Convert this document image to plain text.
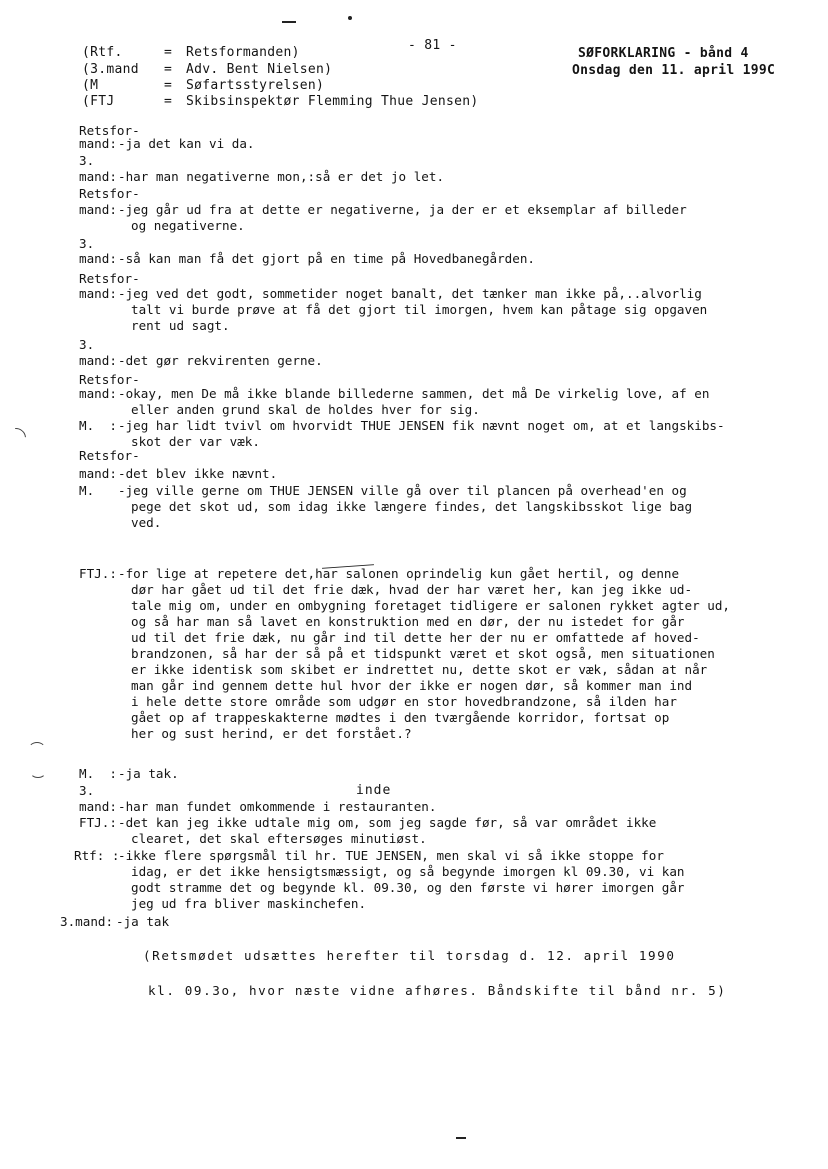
(Rtf.	= Retsformanden)
(3.mand = Adv. Bent Nielsen)
(M	= Søfartsstyrelsen)
(FTJ	= Skibsinspektør Flemming Thue Jensen)
- 81 -
SØFORKLARING - bånd 4
Onsdag den 11. april 199C
Retsfor-
mand: -ja det kan vi da.
3.
mand: -har man negativerne mon,:så er det jo let.
Retsfor-
mand: -jeg går ud fra at dette er negativerne, ja der er et eksemplar af billeder
og negativerne.
3.
mand: -så kan man få det gjort på en time på Hovedbanegården.
Retsfor-
mand: -jeg ved det godt, sommetider noget banalt, det tænker man ikke på,..alvorlig
talt vi burde prøve at få det gjort til imorgen, hvem kan påtage sig opgaven
rent ud sagt.
3.
mand: -det gør rekvirenten gerne.
Retsfor-
mand: -okay, men De må ikke blande billederne sammen, det må De virkelig love, af en
eller anden grund skal de holdes hver for sig.
M.  : -jeg har lidt tvivl om hvorvidt THUE JENSEN fik nævnt noget om, at et langskibs-
skot der var væk.
Retsfor-
mand: -det blev ikke nævnt.
M. -jeg ville gerne om THUE JENSEN ville gå over til plancen på overhead'en og
pege det skot ud, som idag ikke længere findes, det langskibsskot lige bag
ved.
FTJ.: -for lige at repetere det,har salonen oprindelig kun gået hertil, og denne
dør har gået ud til det frie dæk, hvad der har været her, kan jeg ikke ud-
tale mig om, under en ombygning foretaget tidligere er salonen rykket agter ud,
og så har man så lavet en konstruktion med en dør, der nu istedet for går
ud til det frie dæk, nu går ind til dette her der nu er omfattede af hoved-
brandzonen, så har der så på et tidspunkt været et skot også, men situationen
er ikke identisk som skibet er indrettet nu, dette skot er væk, sådan at når
man går ind gennem dette hul hvor der ikke er nogen dør, så kommer man ind
i hele dette store område som udgør en stor hovedbrandzone, så ilden har
gået op af trappeskakterne mødtes i den tværgående korridor, fortsat op
her og sust herind, er det forstået.?
M.  : -ja tak.
3.	inde
mand: -har man fundet omkommende i restauranten.
FTJ.: -det kan jeg ikke udtale mig om, som jeg sagde før, så var området ikke
clearet, det skal eftersøges minutiøst.
Rtf: :
-ikke flere spørgsmål til hr. TUE JENSEN, men skal vi så ikke stoppe for
idag, er det ikke hensigtsmæssigt, og så begynde imorgen kl 09.30, vi kan
godt stramme det og begynde kl. 09.30, og den første vi hører imorgen går
jeg ud fra bliver maskinchefen.
3.mand: -ja tak
(Retsmødet udsættes herefter til torsdag d. 12. april 1990
kl. 09.3o, hvor næste vidne afhøres. Båndskifte til bånd nr. 5)
